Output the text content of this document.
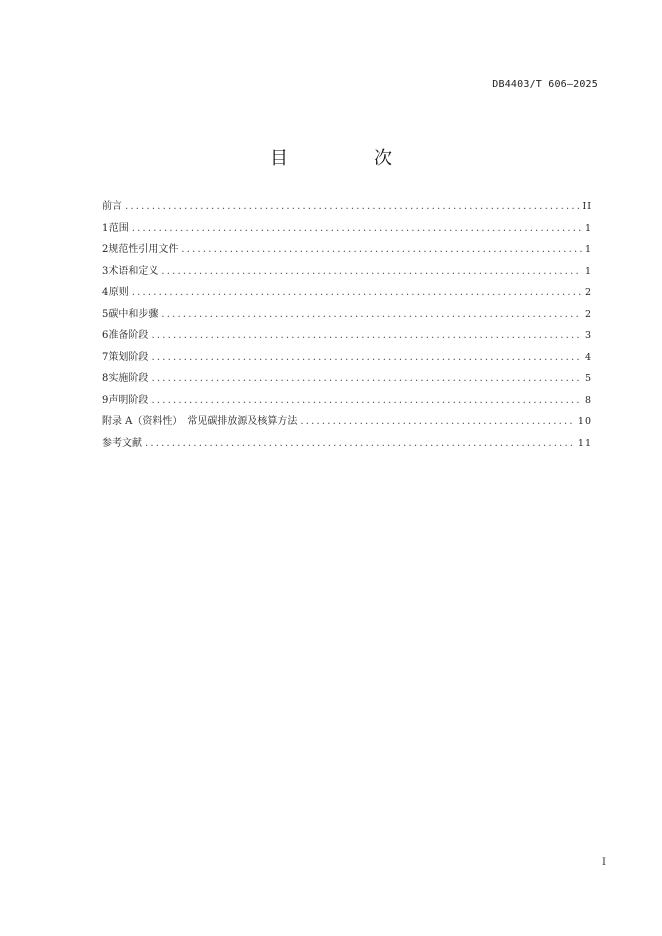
DB4403/T 606—2025
目　次
前言 .....	II
1 范围 .....	1
2 规范性引用文件 .....	1
3 术语和定义 .....	1
4 原则 .....	2
5 碳中和步骤 .....	2
6 准备阶段 .....	3
7 策划阶段 .....	4
8 实施阶段 .....	5
9 声明阶段 .....	8
附录 A（资料性）　常见碳排放源及核算方法 .....	10
参考文献 .....	11
I
